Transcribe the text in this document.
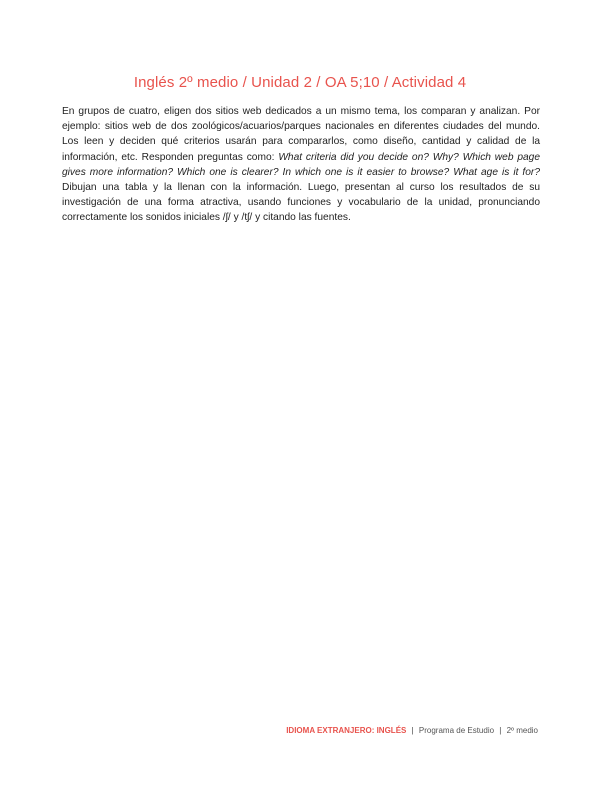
Inglés 2º medio / Unidad 2 / OA 5;10 / Actividad 4
En grupos de cuatro, eligen dos sitios web dedicados a un mismo tema, los comparan y analizan. Por ejemplo: sitios web de dos zoológicos/acuarios/parques nacionales en diferentes ciudades del mundo. Los leen y deciden qué criterios usarán para compararlos, como diseño, cantidad y calidad de la información, etc. Responden preguntas como: What criteria did you decide on? Why? Which web page gives more information? Which one is clearer? In which one is it easier to browse? What age is it for? Dibujan una tabla y la llenan con la información. Luego, presentan al curso los resultados de su investigación de una forma atractiva, usando funciones y vocabulario de la unidad, pronunciando correctamente los sonidos iniciales /ʃ/ y /tʃ/ y citando las fuentes.
IDIOMA EXTRANJERO: INGLÉS | Programa de Estudio | 2º medio
